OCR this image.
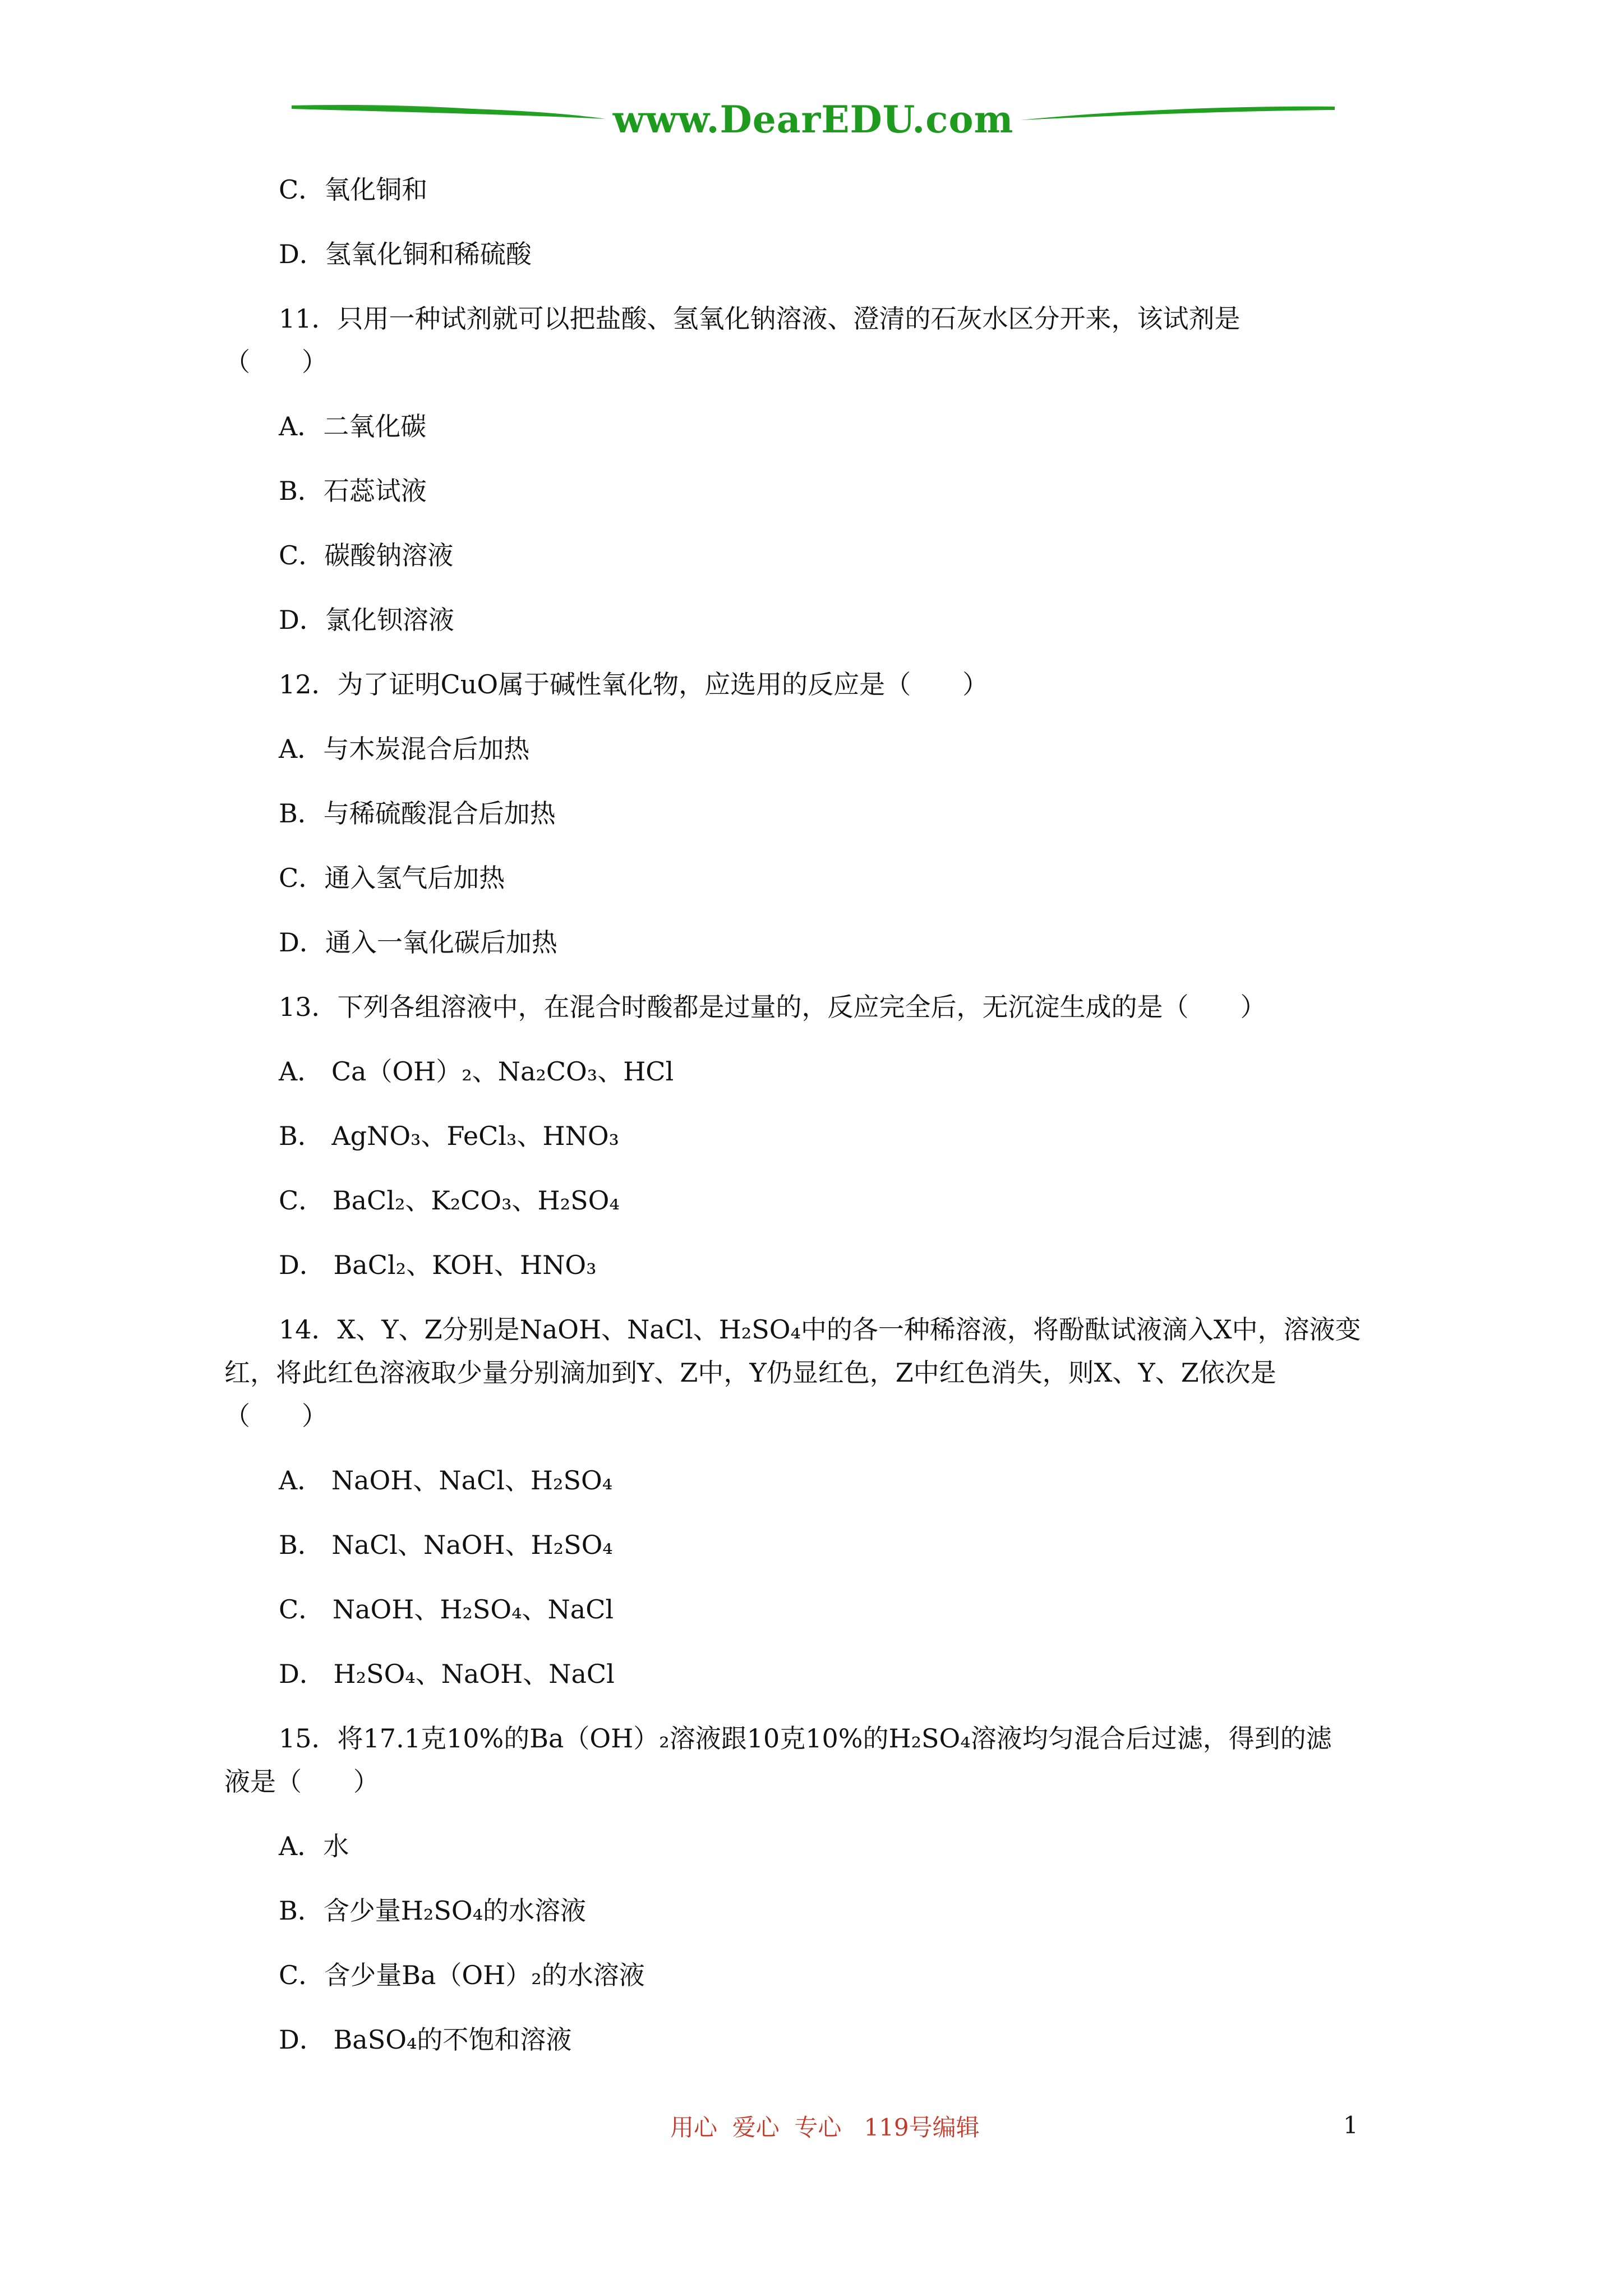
www.DearEDU.com
C．氧化铜和
D．氢氧化铜和稀硫酸
11．只用一种试剂就可以把盐酸、氢氧化钠溶液、澄清的石灰水区分开来，该试剂是
（　　）
A．二氧化碳
B．石蕊试液
C．碳酸钠溶液
D．氯化钡溶液
12．为了证明CuO属于碱性氧化物，应选用的反应是（　　）
A．与木炭混合后加热
B．与稀硫酸混合后加热
C．通入氢气后加热
D．通入一氧化碳后加热
13．下列各组溶液中，在混合时酸都是过量的，反应完全后，无沉淀生成的是（　　）
A． Ca（OH）₂、Na₂CO₃、HCl
B． AgNO₃、FeCl₃、HNO₃
C． BaCl₂、K₂CO₃、H₂SO₄
D． BaCl₂、KOH、HNO₃
14．X、Y、Z分别是NaOH、NaCl、H₂SO₄中的各一种稀溶液，将酚酞试液滴入X中，溶液变
红，将此红色溶液取少量分别滴加到Y、Z中，Y仍显红色，Z中红色消失，则X、Y、Z依次是
（　　）
A． NaOH、NaCl、H₂SO₄
B． NaCl、NaOH、H₂SO₄
C． NaOH、H₂SO₄、NaCl
D． H₂SO₄、NaOH、NaCl
15．将17.1克10%的Ba（OH）₂溶液跟10克10%的H₂SO₄溶液均匀混合后过滤，得到的滤
液是（　　）
A．水
B．含少量H₂SO₄的水溶液
C．含少量Ba（OH）₂的水溶液
D． BaSO₄的不饱和溶液
用心  爱心  专心   119号编辑	1
